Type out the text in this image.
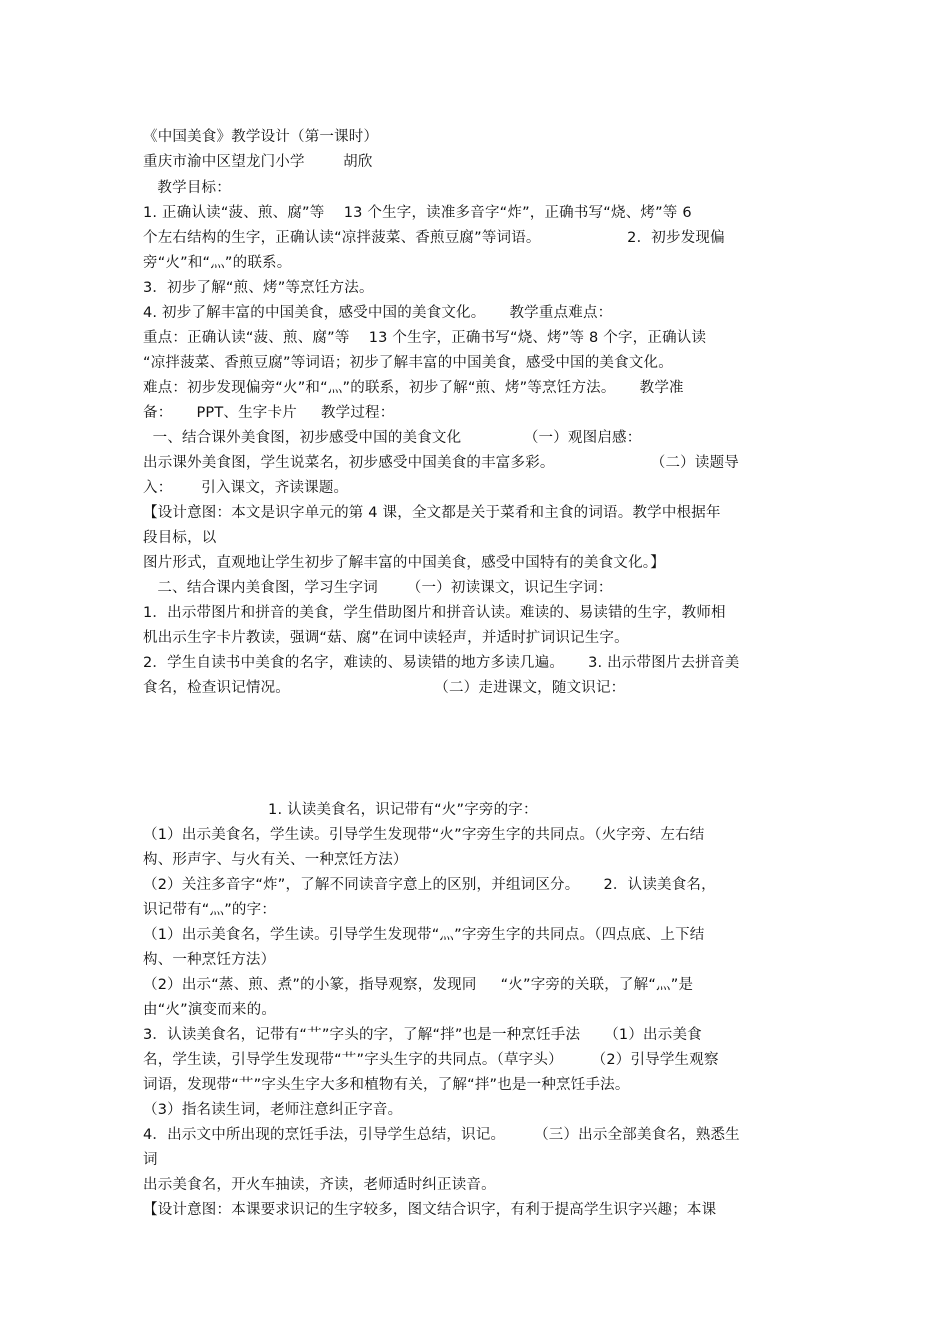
《中国美食》教学设计（第一课时）
重庆市渝中区望龙门小学        胡欣
教学目标：
1. 正确认读“菠、煎、腐”等    13 个生字，读准多音字“炸”，正确书写“烧、烤”等 6
个左右结构的生字，正确认读“凉拌菠菜、香煎豆腐”等词语。                  2．初步发现偏
旁“火”和“灬”的联系。
3．初步了解“煎、烤”等烹饪方法。
4. 初步了解丰富的中国美食，感受中国的美食文化。     教学重点难点：
重点：正确认读“菠、煎、腐”等    13 个生字，正确书写“烧、烤”等 8 个字，正确认读
“凉拌菠菜、香煎豆腐”等词语；初步了解丰富的中国美食，感受中国的美食文化。
难点：初步发现偏旁“火”和“灬”的联系，初步了解“煎、烤”等烹饪方法。     教学准
备：     PPT、生字卡片     教学过程：
一、结合课外美食图，初步感受中国的美食文化             （一）观图启感：
出示课外美食图，学生说菜名，初步感受中国美食的丰富多彩。                    （二）读题导
入：      引入课文，齐读课题。
【设计意图：本文是识字单元的第 4 课，全文都是关于菜肴和主食的词语。教学中根据年
段目标，以
图片形式，直观地让学生初步了解丰富的中国美食，感受中国特有的美食文化。】
二、结合课内美食图，学习生字词      （一）初读课文，识记生字词：
1．出示带图片和拼音的美食，学生借助图片和拼音认读。难读的、易读错的生字，教师相
机出示生字卡片教读，强调“菇、腐”在词中读轻声，并适时扩词识记生字。
2．学生自读书中美食的名字，难读的、易读错的地方多读几遍。     3. 出示带图片去拼音美
食名，检查识记情况。                              （二）走进课文，随文识记：
1. 认读美食名，识记带有“火”字旁的字：
（1）出示美食名，学生读。引导学生发现带“火”字旁生字的共同点。（火字旁、左右结
构、形声字、与火有关、一种烹饪方法）
（2）关注多音字“炸”，了解不同读音字意上的区别，并组词区分。     2．认读美食名，
识记带有“灬”的字：
（1）出示美食名，学生读。引导学生发现带“灬”字旁生字的共同点。（四点底、上下结
构、一种烹饪方法）
（2）出示“蒸、煎、煮”的小篆，指导观察，发现同     “火”字旁的关联，了解“灬”是
由“火”演变而来的。
3．认读美食名，记带有“艹”字头的字，了解“拌”也是一种烹饪手法     （1）出示美食
名，学生读，引导学生发现带“艹”字头生字的共同点。（草字头）      （2）引导学生观察
词语，发现带“艹”字头生字大多和植物有关，了解“拌”也是一种烹饪手法。
（3）指名读生词，老师注意纠正字音。
4．出示文中所出现的烹饪手法，引导学生总结，识记。      （三）出示全部美食名，熟悉生
词
出示美食名，开火车抽读，齐读，老师适时纠正读音。
【设计意图：本课要求识记的生字较多，图文结合识字，有利于提高学生识字兴趣；本课
